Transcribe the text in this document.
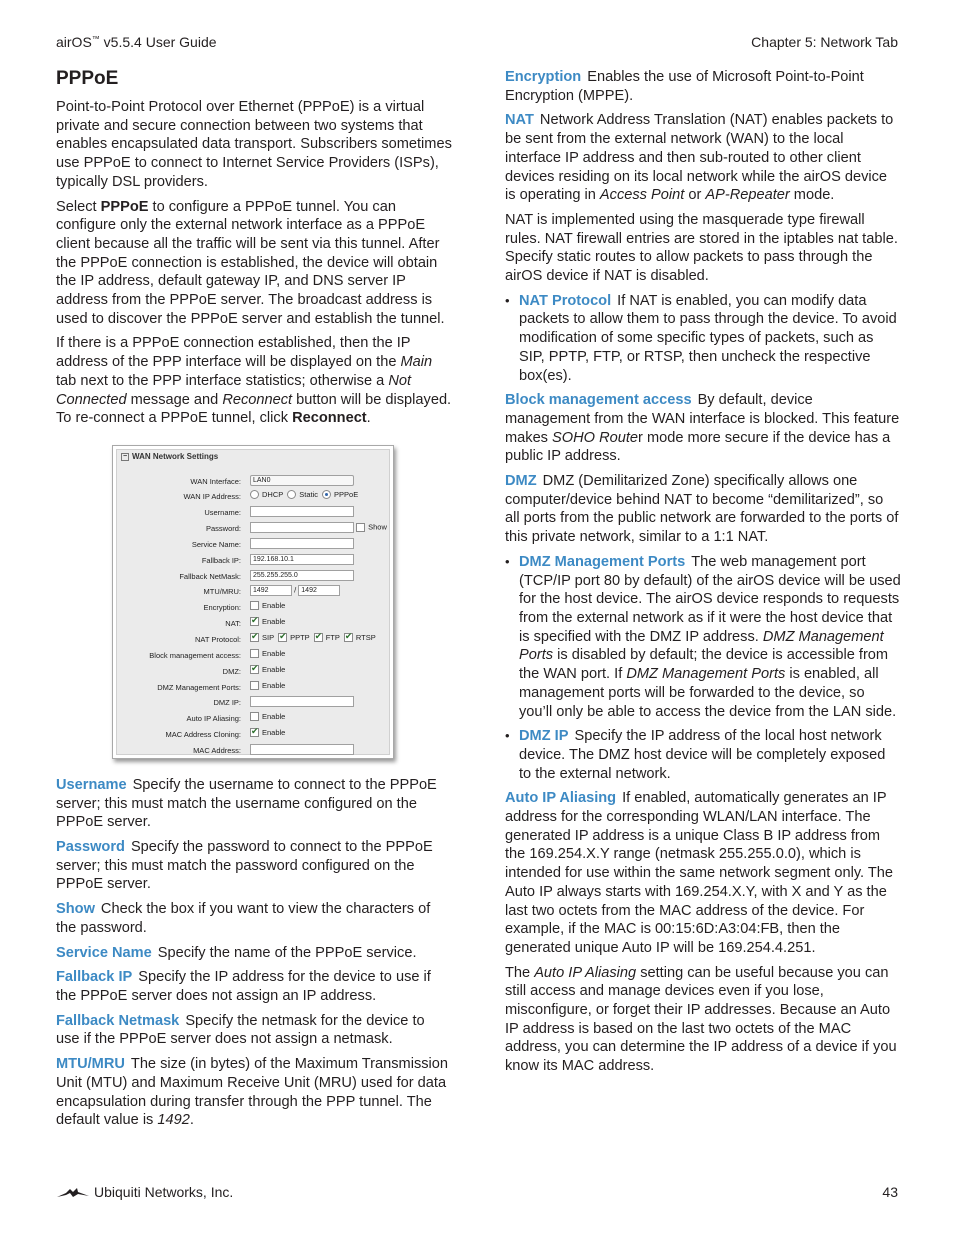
airOS™ v5.5.4 User Guide	Chapter 5: Network Tab
PPPoE

Point-to-Point Protocol over Ethernet (PPPoE) is a virtual private and secure connection between two systems that enables encapsulated data transport. Subscribers sometimes use PPPoE to connect to Internet Service Providers (ISPs), typically DSL providers.

Select PPPoE to configure a PPPoE tunnel. You can configure only the external network interface as a PPPoE client because all the traffic will be sent via this tunnel. After the PPPoE connection is established, the device will obtain the IP address, default gateway IP, and DNS server IP address from the PPPoE server. The broadcast address is used to discover the PPPoE server and establish the tunnel.

If there is a PPPoE connection established, then the IP address of the PPP interface will be displayed on the Main tab next to the PPP interface statistics; otherwise a Not Connected message and Reconnect button will be displayed. To re-connect a PPPoE tunnel, click Reconnect.

− WAN Network Settings
WAN Interface:	LAN0
WAN IP Address:	DHCP Static PPPoE
Username:
Password:	Show
Service Name:
Fallback IP:	192.168.10.1
Fallback NetMask:	255.255.255.0
MTU/MRU:	1492	/ 1492
Encryption:	Enable
NAT: ✔	Enable
NAT Protocol: ✔	SIP ✔ PPTP ✔ FTP ✔ RTSP
Block management access:	Enable
DMZ: ✔	Enable
DMZ Management Ports:	Enable
DMZ IP:
Auto IP Aliasing:	Enable
MAC Address Cloning: ✔	Enable
MAC Address:

Username Specify the username to connect to the PPPoE server; this must match the username configured on the PPPoE server.

Password Specify the password to connect to the PPPoE server; this must match the password configured on the PPPoE server.

Show Check the box if you want to view the characters of the password.

Service Name Specify the name of the PPPoE service.

Fallback IP Specify the IP address for the device to use if the PPPoE server does not assign an IP address.

Fallback Netmask Specify the netmask for the device to use if the PPPoE server does not assign a netmask.

MTU/MRU The size (in bytes) of the Maximum Transmission Unit (MTU) and Maximum Receive Unit (MRU) used for data encapsulation during transfer through the PPP tunnel. The default value is 1492.

Encryption Enables the use of Microsoft Point-to-Point Encryption (MPPE).

NAT Network Address Translation (NAT) enables packets to be sent from the external network (WAN) to the local interface IP address and then sub-routed to other client devices residing on its local network while the airOS device is operating in Access Point or AP-Repeater mode.

NAT is implemented using the masquerade type firewall rules. NAT firewall entries are stored in the iptables nat table. Specify static routes to allow packets to pass through the airOS device if NAT is disabled.

• NAT Protocol If NAT is enabled, you can modify data packets to allow them to pass through the device. To avoid modification of some specific types of packets, such as SIP, PPTP, FTP, or RTSP, then uncheck the respective box(es).

Block management access By default, device management from the WAN interface is blocked. This feature makes SOHO Router mode more secure if the device has a public IP address.

DMZ DMZ (Demilitarized Zone) specifically allows one computer/device behind NAT to become “demilitarized”, so all ports from the public network are forwarded to the ports of this private network, similar to a 1:1 NAT.

• DMZ Management Ports The web management port (TCP/IP port 80 by default) of the airOS device will be used for the host device. The airOS device responds to requests from the external network as if it were the host device that is specified with the DMZ IP address. DMZ Management Ports is disabled by default; the device is accessible from the WAN port. If DMZ Management Ports is enabled, all management ports will be forwarded to the device, so you’ll only be able to access the device from the LAN side.
• DMZ IP Specify the IP address of the local host network device. The DMZ host device will be completely exposed to the external network.

Auto IP Aliasing If enabled, automatically generates an IP address for the corresponding WLAN/LAN interface. The generated IP address is a unique Class B IP address from the 169.254.X.Y range (netmask 255.255.0.0), which is intended for use within the same network segment only. The Auto IP always starts with 169.254.X.Y, with X and Y as the last two octets from the MAC address of the device. For example, if the MAC is 00:15:6D:A3:04:FB, then the generated unique Auto IP will be 169.254.4.251.

The Auto IP Aliasing setting can be useful because you can still access and manage devices even if you lose, misconfigure, or forget their IP addresses. Because an Auto IP address is based on the last two octets of the MAC address, you can determine the IP address of a device if you know its MAC address.

Ubiquiti Networks, Inc.	43
